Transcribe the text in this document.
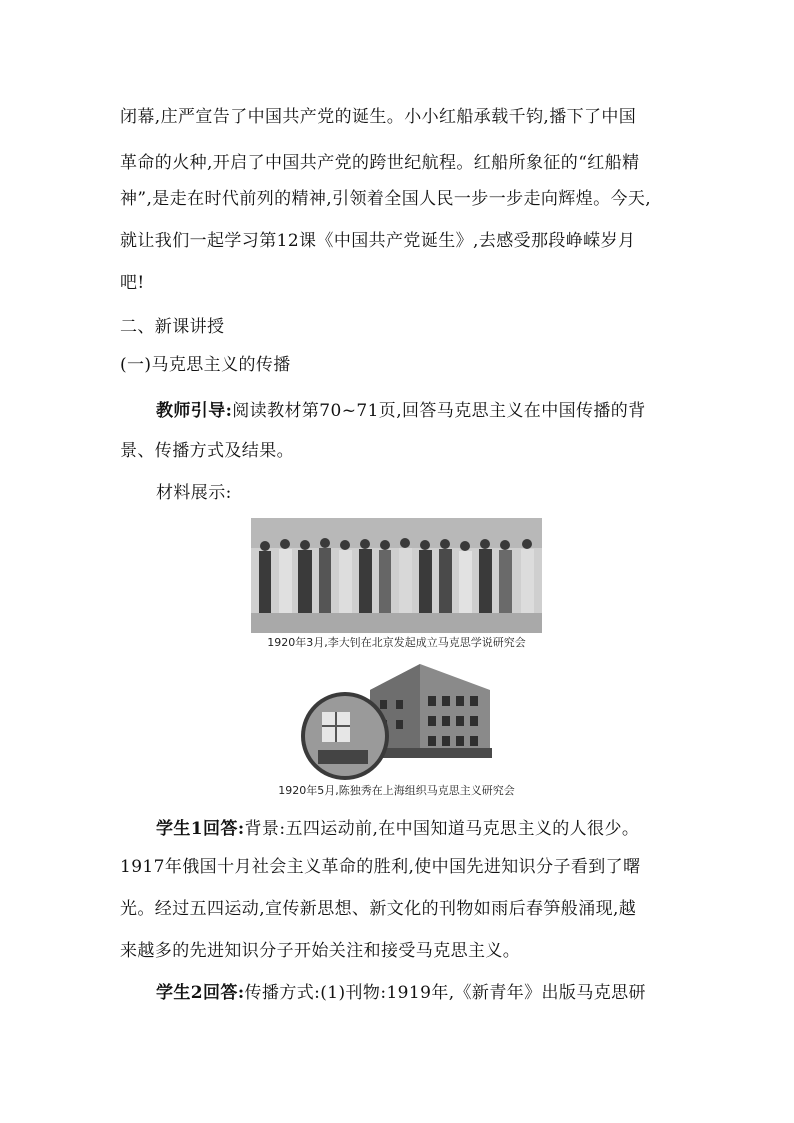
闭幕,庄严宣告了中国共产党的诞生。小小红船承载千钧,播下了中国
革命的火种,开启了中国共产党的跨世纪航程。红船所象征的“红船精
神”,是走在时代前列的精神,引领着全国人民一步一步走向辉煌。今天,
就让我们一起学习第12课《中国共产党诞生》,去感受那段峥嵘岁月
吧!
二、新课讲授
(一)马克思主义的传播
教师引导:阅读教材第70~71页,回答马克思主义在中国传播的背
景、传播方式及结果。
材料展示:
1920年3月,李大钊在北京发起成立马克思学说研究会
1920年5月,陈独秀在上海组织马克思主义研究会
学生1回答:背景:五四运动前,在中国知道马克思主义的人很少。
1917年俄国十月社会主义革命的胜利,使中国先进知识分子看到了曙
光。经过五四运动,宣传新思想、新文化的刊物如雨后春笋般涌现,越
来越多的先进知识分子开始关注和接受马克思主义。
学生2回答:传播方式:(1)刊物:1919年,《新青年》出版马克思研
